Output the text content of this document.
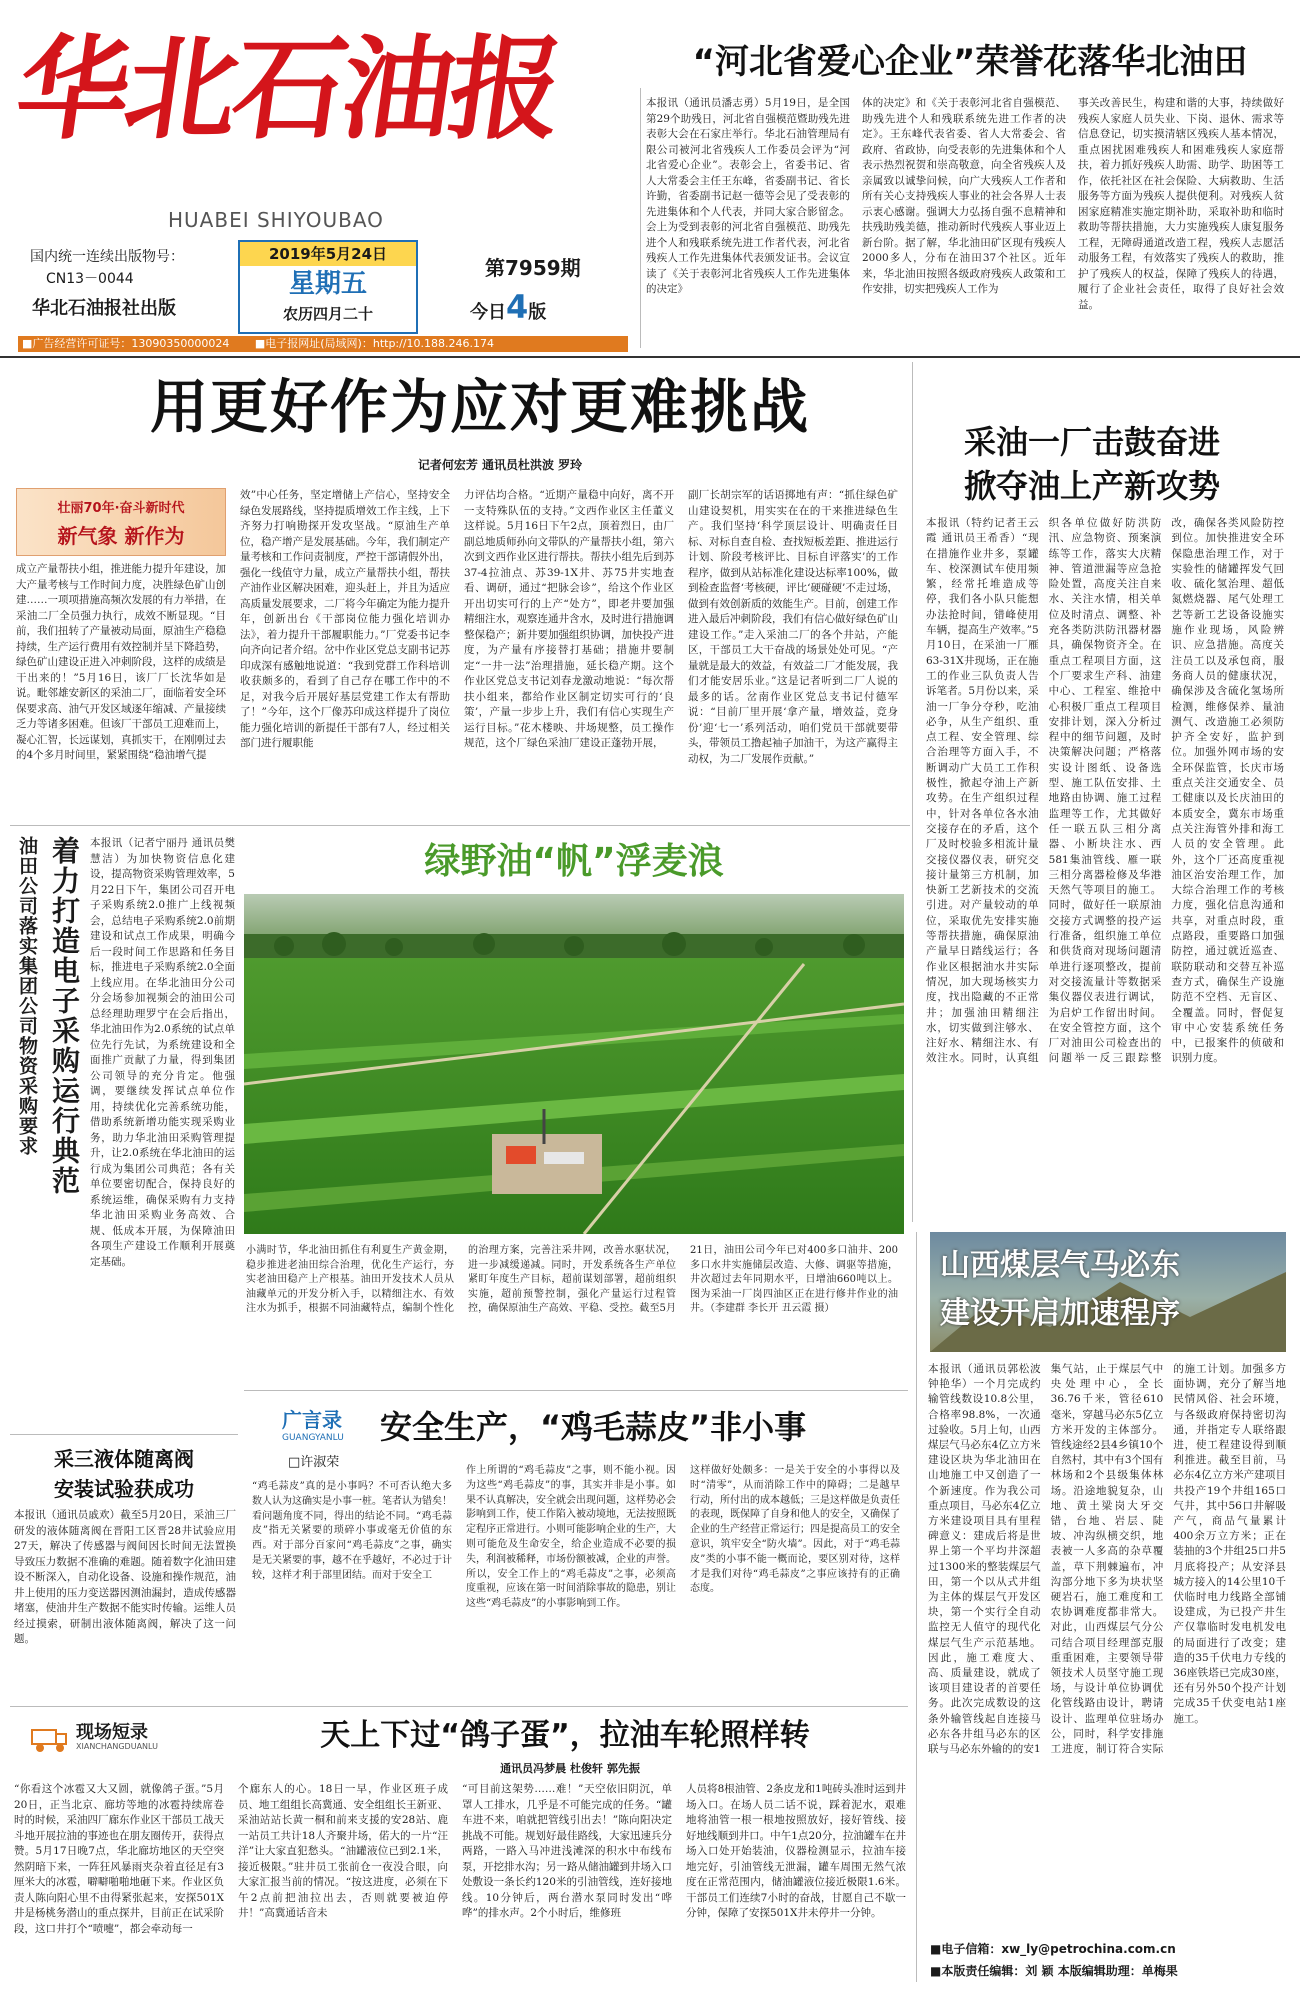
华北石油报
HUABEI SHIYOUBAO
国内统一连续出版物号：
CN13－0044
华北石油报社出版
2019年5月24日
星期五
农历四月二十
第7959期
今日4版
■广告经营许可证号：13090350000024 ■电子报网址(局域网)：http://10.188.246.174
“河北省爱心企业”荣誉花落华北油田
本报讯（通讯员潘志勇）5月19日，是全国第29个助残日，河北省自强模范暨助残先进表彰大会在石家庄举行。华北石油管理局有限公司被河北省残疾人工作委员会评为“河北省爱心企业”。表彰会上，省委书记、省人大常委会主任王东峰，省委副书记、省长许勤，省委副书记赵一德等会见了受表彰的先进集体和个人代表，并同大家合影留念。会上为受到表彰的河北省自强模范、助残先进个人和残联系统先进工作者代表，河北省残疾人工作先进集体代表颁发证书。会议宣读了《关于表彰河北省残疾人工作先进集体的决定》
体的决定》和《关于表彰河北省自强模范、助残先进个人和残联系统先进工作者的决定》。王东峰代表省委、省人大常委会、省政府、省政协，向受表彰的先进集体和个人表示热烈祝贺和崇高敬意，向全省残疾人及亲属致以诚挚问候，向广大残疾人工作者和所有关心支持残疾人事业的社会各界人士表示衷心感谢。强调大力弘扬自强不息精神和扶残助残美德，推动新时代残疾人事业迈上新台阶。据了解，华北油田矿区现有残疾人2000多人，分布在油田37个社区。近年来，华北油田按照各级政府残疾人政策和工作安排，切实把残疾人工作为
事关改善民生，构建和谐的大事，持续做好残疾人家庭人员失业、下岗、退休、需求等信息登记，切实摸清辖区残疾人基本情况，重点困扰困难残疾人和困难残疾人家庭帮扶，着力抓好残疾人助需、助学、助困等工作，依托社区在社会保险、大病救助、生活服务等方面为残疾人提供便利。对残疾人贫困家庭精准实施定期补助，采取补助和临时救助等帮扶措施，大力实施残疾人康复服务工程，无障碍通道改造工程，残疾人志愿活动服务工程，有效落实了残疾人的救助，推护了残疾人的权益，保障了残疾人的待遇，履行了企业社会责任，取得了良好社会效益。
用更好作为应对更难挑战
记者何宏芳 通讯员杜洪波 罗玲
壮丽70年·奋斗新时代
新气象 新作为
成立产量帮扶小组，推进能力提升年建设，加大产量考核与工作时间力度，决胜绿色矿山创建……一项项措施高频次发展的有力举措，在采油二厂全员强力执行，成效不断显现。“目前，我们扭转了产量被动局面，原油生产稳稳持续，生产运行费用有效控制并呈下降趋势，绿色矿山建设正进入冲刺阶段，这样的成绩是干出来的！”5月16日，该厂厂长沈华如是说。毗邻雄安新区的采油二厂，面临着安全环保要求高、油气开发区域逐年缩减、产量接续乏力等诸多困难。但该厂干部员工迎难而上，凝心汇智，长远谋划，真抓实干，在刚刚过去的4个多月时间里，紧紧围绕“稳油增气提
效”中心任务，坚定增储上产信心，坚持安全绿色发展路线，坚持提质增效工作主线，上下齐努力打响勘探开发攻坚战。“原油生产单位，稳产增产是发展基础。今年，我们制定产量考核和工作问责制度，严控干部请假外出，强化一线值守力量，成立产量帮扶小组，帮扶产油作业区解决困难，迎头赶上，并且为适应高质量发展要求，二厂将今年确定为能力提升年，创新出台《干部岗位能力强化培训办法》，着力提升干部履职能力。”厂党委书记李向齐向记者介绍。岔中作业区党总支副书记苏印成深有感触地说道：“我到党群工作科培训收获颇多的，看到了自己存在哪工作中的不足，对我今后开展好基层党建工作太有帮助了！”今年，这个厂像苏印成这样提升了岗位能力强化培训的新提任干部有7人，经过相关部门进行履职能
力评估均合格。“近期产量稳中向好，离不开一支特殊队伍的支持。”文西作业区主任董义这样说。5月16日下午2点，顶着烈日，由厂副总地质师孙向文带队的产量帮扶小组，第六次到文西作业区进行帮扶。帮扶小组先后到苏37-4拉油点、苏39-1X井、苏75井实地查看、调研，通过“把脉会诊”，给这个作业区开出切实可行的上产“处方”，即老井要加强精细注水，观察连通井含水，及时进行措施调整保稳产；新井要加强组织协调，加快投产进度，为产量有序接替打基础；措施井要制定“一井一法”治理措施，延长稳产期。这个作业区党总支书记刘春龙激动地说：“每次帮扶小组来，都给作业区制定切实可行的‘良策’，产量一步步上升，我们有信心实现生产运行目标。”花木楼映、井场规整，员工操作规范，这个厂绿色采油厂建设正蓬勃开展，
副厂长胡宗军的话语掷地有声：“抓住绿色矿山建设契机，用实实在在的干来推进绿色生产。我们坚持‘科学顶层设计、明确责任目标、对标自查自检、查找短板差距、推进运行计划、阶段考核评比、目标自评落实’的工作程序，做到从站标准化建设达标率100%，做到检查监督‘考核硬，评比‘硬碰硬’不走过场，做到有效创新质的效能生产。目前，创建工作进入最后冲刺阶段，我们有信心做好绿色矿山建设工作。”走入采油二厂的各个井站，产能区，干部员工大干奋战的场景处处可见。“产量就是最大的效益，有效益二厂才能发展，我们才能安居乐业。”这是记者听到二厂人说的最多的话。岔南作业区党总支书记付德军说：“目前厂里开展‘拿产量，增效益，竞身份’迎‘七一’系列活动，咱们党员干部就要带头，带领员工撸起袖子加油干，为这产赢得主动权，为二厂发展作贡献。”
采油一厂击鼓奋进
掀夺油上产新攻势
本报讯（特约记者王云霞 通讯员王希香）“现在措施作业井多，泵罐车、校深测试车使用频繁，经常托堆造成等停，我们各小队只能想办法抢时间，错峰使用车辆，提高生产效率。”5月10日，在采油一厂雁63-31X井现场，正在施工的作业三队负责人告诉笔者。5月份以来，采油一厂争分夺秒，吃油必争，从生产组织、重点工程、安全管理、综合治理等方面入手，不断调动广大员工工作积极性，掀起夺油上产新攻势。在生产组织过程中，针对各单位各水油交接存在的矛盾，这个厂及时校验多相流计量交接仪器仪表，研究交接计量第三方机制，加快新工艺新技术的交流引进。对产量较动的单位，采取优先安排实施等帮扶措施，确保原油产量早日踏线运行；各作业区根据油水井实际情况，加大现场核实力度，找出隐藏的不正常井；加强油田精细注水，切实做到注够水、注好水、精细注水、有效注水。同时，认真组织各单位做好防洪防汛、应急物资、预案演练等工作，落实大庆精神、管道泄漏等应急抢险处置，高度关注自来水、关注水情，相关单位及时清点、调整、补充各类防洪防汛器材器具，确保物资齐全。在重点工程项目方面，这个厂要求生产科、油建中心、工程室、维抢中心积极厂重点工程项目安排计划，深入分析过程中的细节问题，及时决策解决问题；严格落实设计图纸、设备选型、施工队伍安排、土地路由协调、施工过程监理等工作，尤其做好任一联五队三相分离器、小断块注水、西581集油管线、雁一联三相分离器检修及华港天然气等项目的施工。同时，做好任一联原油交接方式调整的投产运行准备，组织施工单位和供货商对现场问题清单进行逐项整改，提前对交接流量计等数据采集仪器仪表进行调试，为启炉工作留出时间。在安全管控方面，这个厂对油田公司检查出的问题举一反三跟踪整改，确保各类风险防控到位。加快推进安全环保隐患治理工作，对于实验性的储罐挥发气回收、硫化氢治理、超低氮燃烧器、尾气处理工艺等新工艺设备设施实施作业现场，风险辨识、应急措施。高度关注员工以及承包商，服务商人员的健康状况，确保涉及含硫化氢场所检测，维修保养、量油测气、改造施工必须防护齐全安好，监护到位。加强外网市场的安全环保监管，长庆市场重点关注交通安全、员工健康以及长庆油田的本质安全，冀东市场重点关注海管外排和海工人员的安全管理。此外，这个厂还高度重视油区治安治理工作，加大综合治理工作的考核力度，强化信息沟通和共享，对重点时段，重点路段，重要路口加强防控，通过就近巡查、联防联动和交替互补巡查方式，确保生产设施防范不空档、无盲区、全覆盖。同时，督促复审中心安装系统任务中，已报案件的侦破和识别力度。
着力打造电子采购运行典范
油田公司落实集团公司物资采购要求	本报讯（记者宁丽丹 通讯员樊慧洁）为加快物资信息化建设，提高物资采购管理效率，5月22日下午，集团公司召开电子采购系统2.0推广上线视频会，总结电子采购系统2.0前期建设和试点工作成果，明确今后一段时间工作思路和任务目标，推进电子采购系统2.0全面上线应用。在华北油田分公司分会场参加视频会的油田公司总经理助理罗宁在会后指出，华北油田作为2.0系统的试点单位先行先试，为系统建设和全面推广贡献了力量，得到集团公司领导的充分肯定。他强调，要继续发挥试点单位作用，持续优化完善系统功能，借助系统新增功能实现采购业务，助力华北油田采购管理提升，让2.0系统在华北油田的运行成为集团公司典范；各有关单位要密切配合，保持良好的系统运维，确保采购有力支持华北油田采购业务高效、合规、低成本开展，为保障油田各项生产建设工作顺利开展奠定基础。
绿野油“帆”浮麦浪
小满时节，华北油田抓住有利夏生产黄金期，稳步推进老油田综合治理，优化生产运行，夯实老油田稳产上产根基。油田开发技术人员从油藏单元的开发分析入手，以精细注水、有效注水为抓手，根据不同油藏特点，编制个性化的治理方案，完善注采井网，改善水驱状况，进一步减缓递减。同时，开发系统各生产单位紧盯年度生产目标，超前谋划部署，超前组织实施，超前预警控制，强化产量运行过程管控，确保原油生产高效、平稳、受控。截至5月21日，油田公司今年已对400多口油井、200多口水井实施储层改造、大修、调驱等措施，井次超过去年同期水平，日增油660吨以上。图为采油一厂岗四油区正在进行修井作业的油井。（李建群 李长开 丑云霞 摄）
采三液体随离阀
安装试验获成功
本报讯（通讯员戚欢）截至5月20日，采油三厂研发的液体随离阀在晋阳工区晋28井试验应用27天，解决了传感器与阀间因长时间无法置换导致压力数据不准确的难题。随着数字化油田建设不断深入，自动化设备、设施和操作规范，油井上使用的压力变送器因测油漏封，造成传感器堵塞，使油井生产数据不能实时传输。运维人员经过摸索，研制出液体随离阀，解决了这一问题。
广言录
GUANGYANLU
□许淑荣
安全生产，“鸡毛蒜皮”非小事
“鸡毛蒜皮”真的是小事吗？不可否认绝大多数人认为这确实是小事一桩。笔者认为错矣！看问题角度不同，得出的结论不同。“鸡毛蒜皮”指无关紧要的琐碎小事或毫无价值的东西。对于部分百家问“鸡毛蒜皮”之事，确实是无关紧要的事，越不在乎越好，不必过于计较，这样才利于部里团结。而对于安全工
作上所谓的“鸡毛蒜皮”之事，则不能小视。因为这些“鸡毛蒜皮”的事，其实并非是小事。如果不认真解决，安全就会出现问题，这样势必会影响到工作，使工作陷入被动境地，无法按照既定程序正常进行。小则可能影响企业的生产，大则可能危及生命安全，给企业造成不必要的损失，利润被稀释，市场份额被减，企业的声誉。所以，安全工作上的“鸡毛蒜皮”之事，必须高度重视，应该在第一时间消除事故的隐患，别让这些“鸡毛蒜皮”的小事影响到工作。
这样做好处颇多：一是关于安全的小事得以及时“清零”，从而消除工作中的障碍；二是越早行动，所付出的成本越低；三是这样做是负责任的表现，既保障了自身和他人的安全，又确保了企业的生产经营正常运行；四是提高员工的安全意识，筑牢安全“防火墙”。因此，对于“鸡毛蒜皮”类的小事不能一概而论，要区别对待，这样才是我们对待“鸡毛蒜皮”之事应该持有的正确态度。
山西煤层气马必东
建设开启加速程序
本报讯（通讯员郭松波 钟艳华）一个月完成约输管线数设10.8公里，合格率98.8%，一次通过验收。5月上旬，山西煤层气马必东4亿立方米建设区块为华北油田在山地施工中又创造了一个新速度。作为我公司重点项目，马必东4亿立方米建设项目具有里程碑意义：建成后将是世界上第一个平均井深超过1300米的整装煤层气田，第一个以从式井组为主体的煤层气开发区块，第一个实行全自动监控无人值守的现代化煤层气生产示范基地。因此，施工难度大、高、质量建设，就成了该项目建设者的首要任务。此次完成数设的这条外输管线起自连接马必东各井组马必东的区联与马必东外输的的安1集气站，止于煤层气中央处理中心，全长36.76千米，管径610毫米，穿越马必东5亿立方米开发的主体部分。管线途经2县4乡镇10个自然村，其中有3个国有林场和2个县级集体林场。沿途地貌复杂，山地、黄土梁岗大牙交错，台地、岩层、陡坡、冲沟纵横交织，地表被一人多高的杂草覆盖，草下荆棘遍布，冲沟部分地下多为块状坚硬岩石，施工难度和工农协调难度都非常大。对此，山西煤层气分公司结合项目经理部克服重重困难，主要领导带领技术人员坚守施工现场，与设计单位协调优化管线路由设计，聘请设计、监理单位驻场办公，同时，科学安排施工进度，制订符合实际的施工计划。加强多方面协调，充分了解当地民情风俗、社会环境，与各级政府保持密切沟通，并指定专人联络跟进，使工程建设得到顺利推进。截至目前，马必东4亿立方米产建项目共投产19个井组165口气井，其中56口井解吸产气，商品气量累计400余万立方米；正在装抽的3个井组25口井5月底将投产；从安泽县城方接入的14公里10千伏临时电力线路全部铺设建成，为已投产井生产仅靠临时发电机发电的局面进行了改变；建造的35千伏电力专线的36座铁塔已完成30座，还有另外50个投产计划完成35千伏变电站1座施工。
现场短录
XIANCHANGDUANLU	天上下过“鸽子蛋”，拉油车轮照样转
通讯员冯梦晨 杜俊轩 郭先振
“你看这个冰雹又大又圆，就像鸽子蛋。”5月20日，正当北京、廊坊等地的冰雹持续席卷时的时候，采油四厂廊东作业区干部员工战天斗地开展拉油的事迹也在朋友圈传开，获得点赞。5月17日晚7点，华北廊坊地区的天空突然阴暗下来，一阵狂风暴雨夹杂着直径足有3厘米大的冰雹，噼噼啪啪地砸下来。作业区负责人陈向阳心里不由得紧张起来，安探501X井是杨桃务潜山的重点探井，目前正在试采阶段，这口井打个“喷嚏”，都会牵动每一
个廊东人的心。18日一早，作业区班子成员、地工组组长高冀通、安全组组长王新亚、采油站站长黄一桐和前来支援的安28站、鹿一站员工共计18人齐聚井场，偌大的一片“汪洋”让大家直犯愁头。“油罐液位已到2.1米，接近极限。”驻井员工张前仓一夜没合眼，向大家汇报当前的情况。“按这进度，必须在下午2点前把油拉出去，否则就要被迫停井！”高冀通话音未
“可目前这架势……难！”天空依旧阴沉，单罩人工排水，几乎是不可能完成的任务。“罐车进不来，咱就把管线引出去！”陈向阳决定挑战不可能。规划好最佳路线，大家迅速兵分两路，一路入马冲进浅滩深的积水中布线布泵，开挖排水沟；另一路从储油罐到井场入口处敷设一条长约120米的引油管线，连好接地线。10分钟后，两台潜水泵同时发出“哗哗”的排水声。2个小时后，维修班
人员将8根油管、2条皮龙和1吨砖头准时运到井场入口。在场人员二话不说，踩着泥水，艰难地将油管一根一根地按照放好，接好管线、接好地线顺到井口。中午1点20分，拉油罐车在井场入口处开始装油，仪器检测显示，拉油车接地完好，引油管线无泄漏，罐车周围无然气浓度在正常范围内，储油罐液位接近极限1.6米。干部员工们连续7小时的奋战，甘愿自己不歇一分钟，保障了安探501X井未停井一分钟。
■电子信箱：xw_ly@petrochina.com.cn
■本版责任编辑：刘 颖 本版编辑助理：单梅果
